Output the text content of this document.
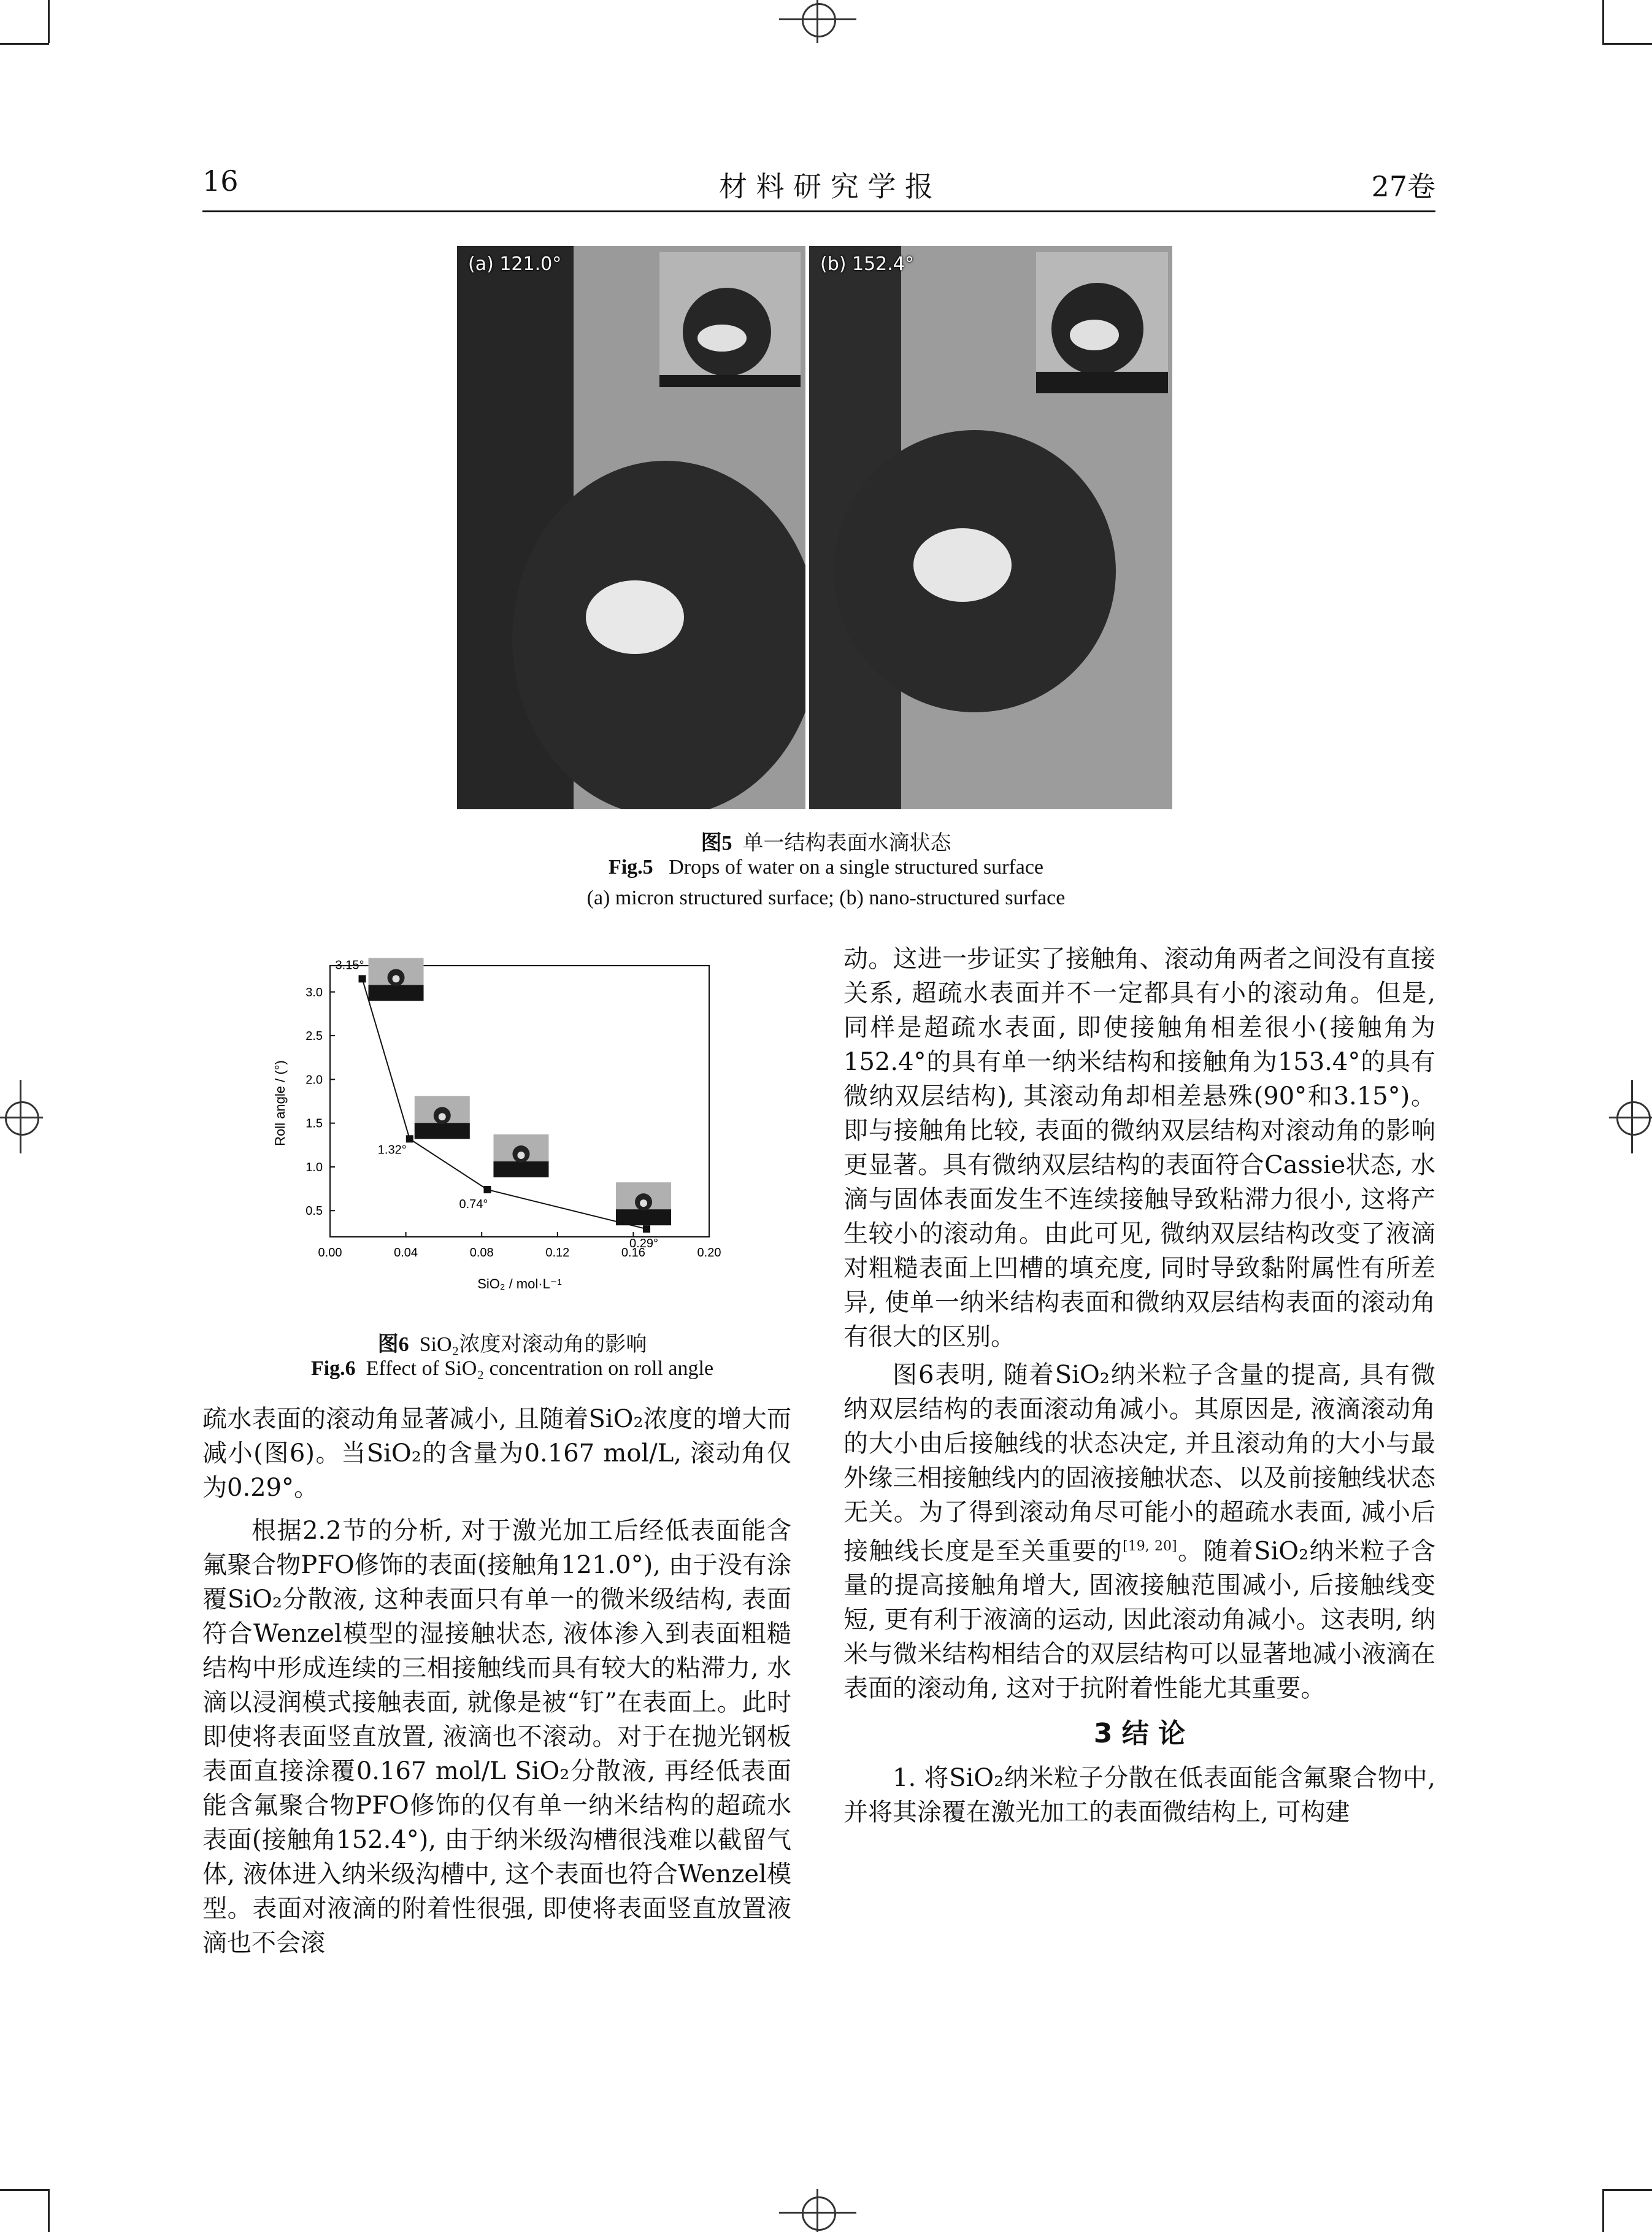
16	材 料 研 究 学 报	27卷
(a) 121.0°	(b) 152.4°
图5 单一结构表面水滴状态
Fig.5 Drops of water on a single structured surface
(a) micron structured surface; (b) nano-structured surface
0.00	0.04	0.08	0.12	0.16	0.20
0.5
1.0
1.5
2.0
2.5
3.0
3.15°
1.32°
0.74°
0.29°
Roll angle / (°)
SiO₂ / mol·L⁻¹
图6 SiO₂浓度对滚动角的影响
Fig.6 Effect of SiO₂ concentration on roll angle

疏水表面的滚动角显著减小, 且随着SiO₂浓度的增大而减小(图6)。当SiO₂的含量为0.167 mol/L, 滚动角仅为0.29°。

根据2.2节的分析, 对于激光加工后经低表面能含氟聚合物PFO修饰的表面(接触角121.0°), 由于没有涂覆SiO₂分散液, 这种表面只有单一的微米级结构, 表面符合Wenzel模型的湿接触状态, 液体渗入到表面粗糙结构中形成连续的三相接触线而具有较大的粘滞力, 水滴以浸润模式接触表面, 就像是被“钉”在表面上。此时即使将表面竖直放置, 液滴也不滚动。对于在抛光钢板表面直接涂覆0.167 mol/L SiO₂分散液, 再经低表面能含氟聚合物PFO修饰的仅有单一纳米结构的超疏水表面(接触角152.4°), 由于纳米级沟槽很浅难以截留气体, 液体进入纳米级沟槽中, 这个表面也符合Wenzel模型。表面对液滴的附着性很强, 即使将表面竖直放置液滴也不会滚

动。这进一步证实了接触角、滚动角两者之间没有直接关系, 超疏水表面并不一定都具有小的滚动角。但是, 同样是超疏水表面, 即使接触角相差很小(接触角为152.4°的具有单一纳米结构和接触角为153.4°的具有微纳双层结构), 其滚动角却相差悬殊(90°和3.15°)。即与接触角比较, 表面的微纳双层结构对滚动角的影响更显著。具有微纳双层结构的表面符合Cassie状态, 水滴与固体表面发生不连续接触导致粘滞力很小, 这将产生较小的滚动角。由此可见, 微纳双层结构改变了液滴对粗糙表面上凹槽的填充度, 同时导致黏附属性有所差异, 使单一纳米结构表面和微纳双层结构表面的滚动角有很大的区别。

图6表明, 随着SiO₂纳米粒子含量的提高, 具有微纳双层结构的表面滚动角减小。其原因是, 液滴滚动角的大小由后接触线的状态决定, 并且滚动角的大小与最外缘三相接触线内的固液接触状态、以及前接触线状态无关。为了得到滚动角尽可能小的超疏水表面, 减小后接触线长度是至关重要的[19, 20]。随着SiO₂纳米粒子含量的提高接触角增大, 固液接触范围减小, 后接触线变短, 更有利于液滴的运动, 因此滚动角减小。这表明, 纳米与微米结构相结合的双层结构可以显著地减小液滴在表面的滚动角, 这对于抗附着性能尤其重要。

3 结 论

1. 将SiO₂纳米粒子分散在低表面能含氟聚合物中, 并将其涂覆在激光加工的表面微结构上, 可构建
